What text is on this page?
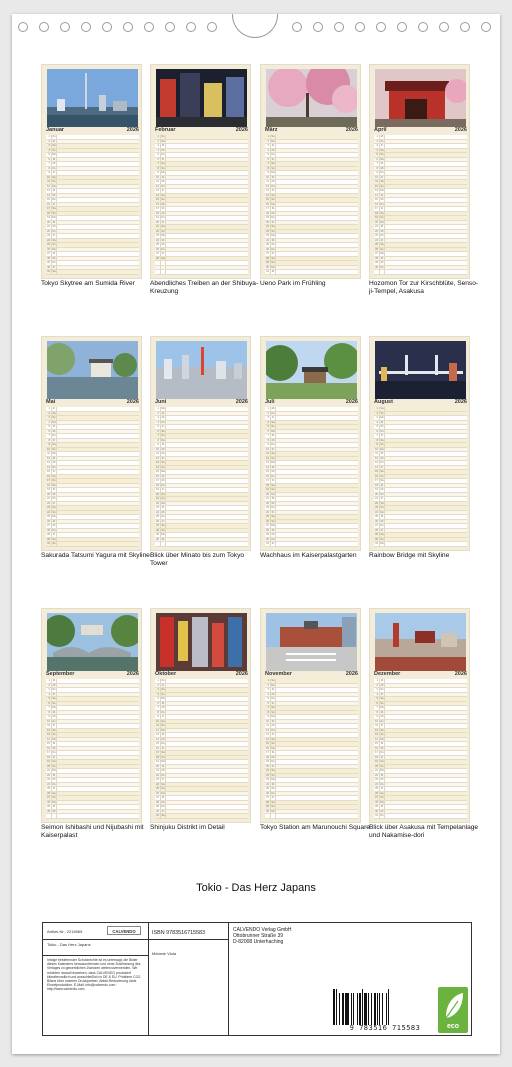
Januar	2026
1 Do
2	Fr
3 Sa
4 So
5 Mo
6	Di
7	Mi
8 Do
9	Fr
10 Sa
11 So
12 Mo
13	Di
14	Mi
15 Do
16	Fr
17 Sa
18 So
19 Mo
20	Di
21	Mi
22 Do
23	Fr
24 Sa
25 So
26 Mo
27	Di
28	Mi
29 Do
30	Fr
31 Sa
Tokyo Skytree am Sumida River
Februar	2026
1 So
2 Mo
3	Di
4	Mi
5 Do
6	Fr
7 Sa
8 So
9 Mo
10	Di
11	Mi
12 Do
13	Fr
14 Sa
15 So
16 Mo
17	Di
18	Mi
19 Do
20	Fr
21 Sa
22 So
23 Mo
24	Di
25	Mi
26 Do
27	Fr
28 Sa
Abendliches Treiben an der Shibuya-Kreuzung
März	2026
1 So
2 Mo
3	Di
4	Mi
5 Do
6	Fr
7 Sa
8 So
9 Mo
10	Di
11	Mi
12 Do
13	Fr
14 Sa
15 So
16 Mo
17	Di
18	Mi
19 Do
20	Fr
21 Sa
22 So
23 Mo
24	Di
25	Mi
26 Do
27	Fr
28 Sa
29 So
30 Mo
31	Di
Ueno Park im Frühling
April	2026
1	Mi
2 Do
3	Fr
4 Sa
5 So
6 Mo
7	Di
8	Mi
9 Do
10	Fr
11 Sa
12 So
13 Mo
14	Di
15	Mi
16 Do
17	Fr
18 Sa
19 So
20 Mo
21	Di
22	Mi
23 Do
24	Fr
25 Sa
26 So
27 Mo
28	Di
29	Mi
30 Do
Hozomon Tor zur Kirschblüte, Senso-ji-Tempel, Asakusa
Mai	2026
1	Fr
2 Sa
3 So
4 Mo
5	Di
6	Mi
7 Do
8	Fr
9 Sa
10 So
11 Mo
12	Di
13	Mi
14 Do
15	Fr
16 Sa
17 So
18 Mo
19	Di
20	Mi
21 Do
22	Fr
23 Sa
24 So
25 Mo
26	Di
27	Mi
28 Do
29	Fr
30 Sa
31 So
Sakurada Tatsumi Yagura mit Skyline
Juni	2026
1 Mo
2	Di
3	Mi
4 Do
5	Fr
6 Sa
7 So
8 Mo
9	Di
10	Mi
11 Do
12	Fr
13 Sa
14 So
15 Mo
16	Di
17	Mi
18 Do
19	Fr
20 Sa
21 So
22 Mo
23	Di
24	Mi
25 Do
26	Fr
27 Sa
28 So
29 Mo
30	Di
Blick über Minato bis zum Tokyo Tower
Juli	2026
1	Mi
2 Do
3	Fr
4 Sa
5 So
6 Mo
7	Di
8	Mi
9 Do
10	Fr
11 Sa
12 So
13 Mo
14	Di
15	Mi
16 Do
17	Fr
18 Sa
19 So
20 Mo
21	Di
22	Mi
23 Do
24	Fr
25 Sa
26 So
27 Mo
28	Di
29	Mi
30 Do
31	Fr
Wachhaus im Kaiserpalastgarten
August	2026
1 Sa
2 So
3 Mo
4	Di
5	Mi
6 Do
7	Fr
8 Sa
9 So
10 Mo
11	Di
12	Mi
13 Do
14	Fr
15 Sa
16 So
17 Mo
18	Di
19	Mi
20 Do
21	Fr
22 Sa
23 So
24 Mo
25	Di
26	Mi
27 Do
28	Fr
29 Sa
30 So
31 Mo
Rainbow Bridge mit Skyline
September	2026
1	Di
2	Mi
3 Do
4	Fr
5 Sa
6 So
7 Mo
8	Di
9	Mi
10 Do
11	Fr
12 Sa
13 So
14 Mo
15	Di
16	Mi
17 Do
18	Fr
19 Sa
20 So
21 Mo
22	Di
23	Mi
24 Do
25	Fr
26 Sa
27 So
28 Mo
29	Di
30	Mi
Seimon Ishibashi und Nijubashi mit Kaiserpalast
Oktober	2026
1 Do
2	Fr
3 Sa
4 So
5 Mo
6	Di
7	Mi
8 Do
9	Fr
10 Sa
11 So
12 Mo
13	Di
14	Mi
15 Do
16	Fr
17 Sa
18 So
19 Mo
20	Di
21	Mi
22 Do
23	Fr
24 Sa
25 So
26 Mo
27	Di
28	Mi
29 Do
30	Fr
31 Sa
Shinjuku Distrikt im Detail
November	2026
1 So
2 Mo
3	Di
4	Mi
5 Do
6	Fr
7 Sa
8 So
9 Mo
10	Di
11	Mi
12 Do
13	Fr
14 Sa
15 So
16 Mo
17	Di
18	Mi
19 Do
20	Fr
21 Sa
22 So
23 Mo
24	Di
25	Mi
26 Do
27	Fr
28 Sa
29 So
30 Mo
Tokyo Station am Marunouchi Square
Dezember	2026
1	Di
2	Mi
3 Do
4	Fr
5 Sa
6 So
7 Mo
8	Di
9	Mi
10 Do
11	Fr
12 Sa
13 So
14 Mo
15	Di
16	Mi
17 Do
18	Fr
19 Sa
20 So
21 Mo
22	Di
23	Mi
24 Do
25	Fr
26 Sa
27 So
28 Mo
29	Di
30	Mi
31 Do
Blick über Asakusa mit Tempelanlage und Nakamise-dori
Tokio - Das Herz Japans
Artikel-Nr.: 2216965	CALVENDO
Tokio - Das Herz Japans
Infolge bestehender Schutzrechte ist es untersagt, die Bilder dieses Kalenders herauszutrennen und ohne Zustimmung des Verlages zu gewerblichen Zwecken weiterzuverwenden. Wir möchten darauf hinweisen, dass CALVENDO produziert klimafreundlich und ausschließlich in DE & EU. Printfarm CO2-Bilanz über unseren Druckpartner. Abfall-Reduzierung dank Einzelproduktion. E-Mail: info@calvendo.com · http://www.calvendo.com
ISBN 9783516715583
Melanie Viola
CALVENDO Verlag GmbH
Ottobrunner Straße 39
D-82008 Unterhaching
9 783516 715583	eco
